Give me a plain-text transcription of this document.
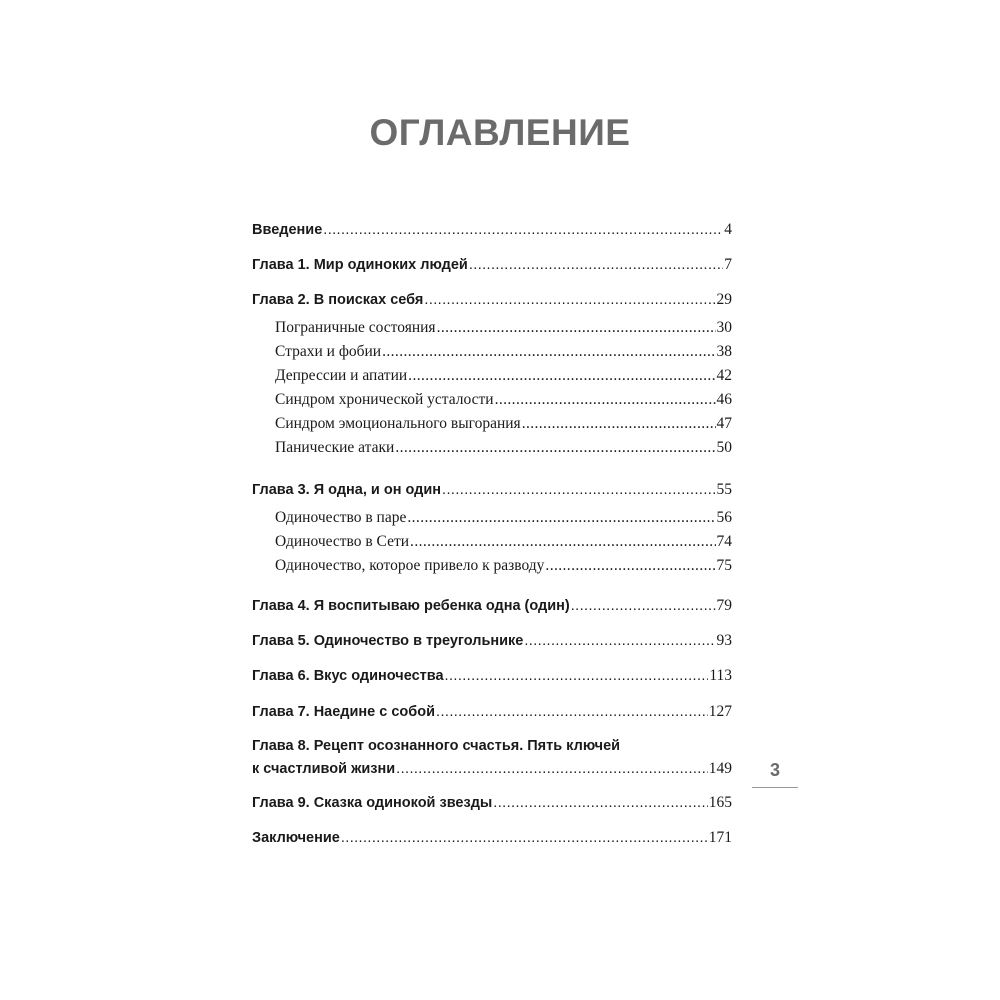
ОГЛАВЛЕНИЕ
Введение .....	4
Глава 1. Мир одиноких людей .....	7
Глава 2. В поисках себя .....	29
Пограничные состояния .....	30
Страхи и фобии .....	38
Депрессии и апатии .....	42
Синдром хронической усталости .....	46
Синдром эмоционального выгорания .....	47
Панические атаки .....	50
Глава 3. Я одна, и он один .....	55
Одиночество в паре .....	56
Одиночество в Сети .....	74
Одиночество, которое привело к разводу .....	75
Глава 4. Я воспитываю ребенка одна (один) .....	79
Глава 5. Одиночество в треугольнике .....	93
Глава 6. Вкус одиночества .....	113
Глава 7. Наедине с собой .....	127
Глава 8. Рецепт осознанного счастья. Пять ключей
к счастливой жизни .....	149
Глава 9. Сказка одинокой звезды .....	165
Заключение .....	171
3
